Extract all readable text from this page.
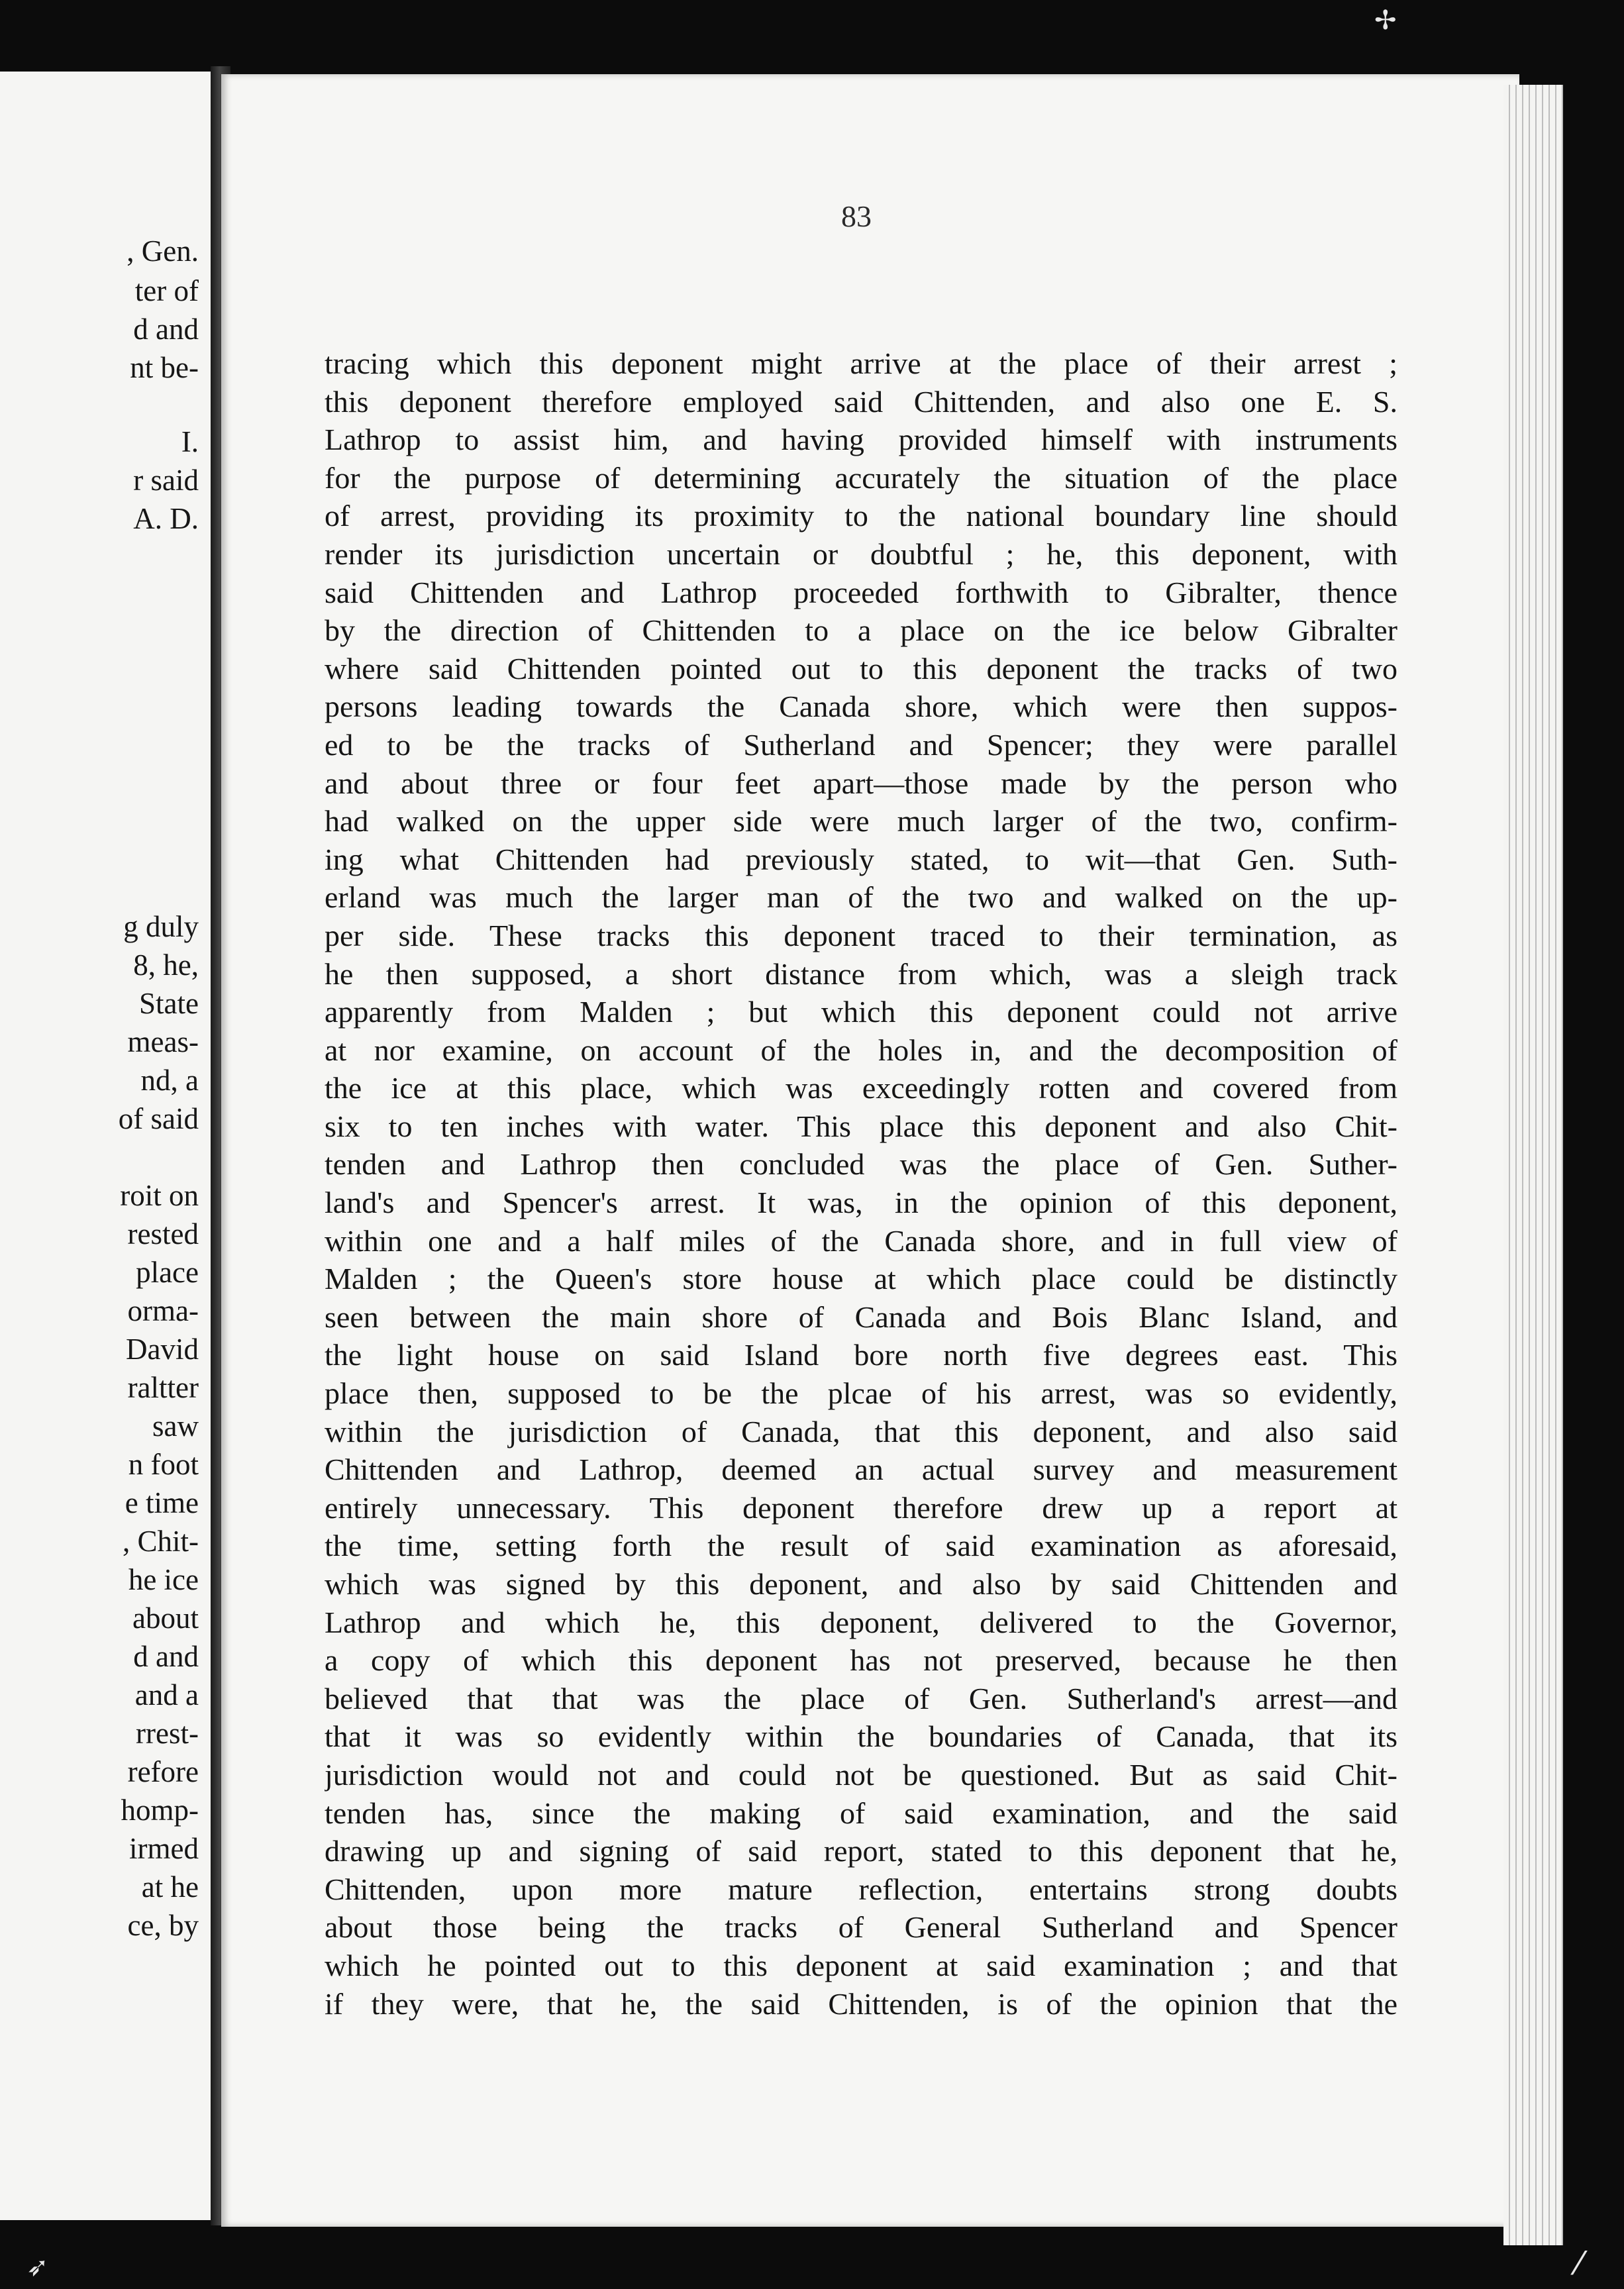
, Gen.
ter of
d and
nt be-
I.
r said
A. D.
g duly
8, he,
State
meas-
nd, a
of said
roit on
rested
place
orma-
David
raltter
saw
n foot
e time
, Chit-
he ice
about
d and
and a
rrest-
refore
homp-
irmed
at he
ce, by
83
tracing which this deponent might arrive at the place of their arrest ;
this deponent therefore employed said Chittenden, and also one E. S.
Lathrop to assist him, and having provided himself with instruments
for the purpose of determining accurately the situation of the place
of arrest, providing its proximity to the national boundary line should
render its jurisdiction uncertain or doubtful ; he, this deponent, with
said Chittenden and Lathrop proceeded forthwith to Gibralter, thence
by the direction of Chittenden to a place on the ice below Gibralter
where said Chittenden pointed out to this deponent the tracks of two
persons leading towards the Canada shore, which were then suppos-
ed to be the tracks of Sutherland and Spencer; they were parallel
and about three or four feet apart—those made by the person who
had walked on the upper side were much larger of the two, confirm-
ing what Chittenden had previously stated, to wit—that Gen. Suth-
erland was much the larger man of the two and walked on the up-
per side. These tracks this deponent traced to their termination, as
he then supposed, a short distance from which, was a sleigh track
apparently from Malden ; but which this deponent could not arrive
at nor examine, on account of the holes in, and the decomposition of
the ice at this place, which was exceedingly rotten and covered from
six to ten inches with water. This place this deponent and also Chit-
tenden and Lathrop then concluded was the place of Gen. Suther-
land's and Spencer's arrest. It was, in the opinion of this deponent,
within one and a half miles of the Canada shore, and in full view of
Malden ; the Queen's store house at which place could be distinctly
seen between the main shore of Canada and Bois Blanc Island, and
the light house on said Island bore north five degrees east. This
place then, supposed to be the plcae of his arrest, was so evidently,
within the jurisdiction of Canada, that this deponent, and also said
Chittenden and Lathrop, deemed an actual survey and measurement
entirely unnecessary. This deponent therefore drew up a report at
the time, setting forth the result of said examination as aforesaid,
which was signed by this deponent, and also by said Chittenden and
Lathrop and which he, this deponent, delivered to the Governor,
a copy of which this deponent has not preserved, because he then
believed that that was the place of Gen. Sutherland's arrest—and
that it was so evidently within the boundaries of Canada, that its
jurisdiction would not and could not be questioned. But as said Chit-
tenden has, since the making of said examination, and the said
drawing up and signing of said report, stated to this deponent that he,
Chittenden, upon more mature reflection, entertains strong doubts
about those being the tracks of General Sutherland and Spencer
which he pointed out to this deponent at said examination ; and that
if they were, that he, the said Chittenden, is of the opinion that the
✢
➶	⁄
